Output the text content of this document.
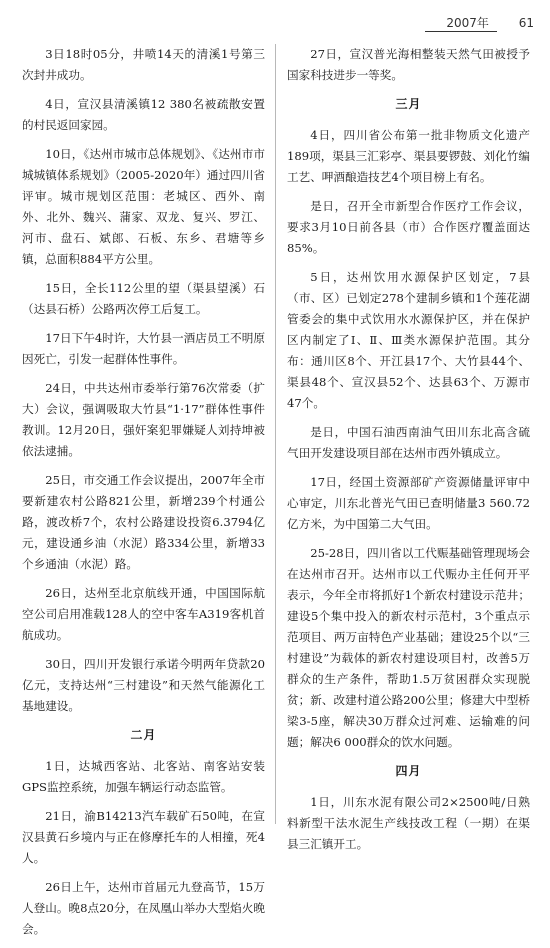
2007年 61

3日18时05分，井喷14天的清溪1号第三次封井成功。

4日，宣汉县清溪镇12 380名被疏散安置的村民返回家园。

10日，《达州市城市总体规划》、《达州市市城城镇体系规划》（2005-2020年）通过四川省评审。城市规划区范围：老城区、西外、南外、北外、魏兴、蒲家、双龙、复兴、罗江、河市、盘石、斌郎、石板、东乡、君塘等乡镇，总面积884平方公里。

15日，全长112公里的望（渠县望溪）石（达县石桥）公路两次停工后复工。

17日下午4时许，大竹县一酒店员工不明原因死亡，引发一起群体性事件。

24日，中共达州市委举行第76次常委（扩大）会议，强调吸取大竹县“1·17”群体性事件教训。12月20日，强奸案犯罪嫌疑人刘持坤被依法逮捕。

25日，市交通工作会议提出，2007年全市要新建农村公路821公里，新增239个村通公路，渡改桥7个，农村公路建设投资6.3794亿元，建设通乡油（水泥）路334公里，新增33个乡通油（水泥）路。

26日，达州至北京航线开通，中国国际航空公司启用准载128人的空中客车A319客机首航成功。

30日，四川开发银行承诺今明两年贷款20亿元，支持达州“三村建设”和天然气能源化工基地建设。

二月

1日，达城西客站、北客站、南客站安装GPS监控系统，加强车辆运行动态监管。

21日，渝B14213汽车载矿石50吨，在宣汉县黄石乡境内与正在修摩托车的人相撞，死4人。

26日上午，达州市首届元九登高节，15万人登山。晚8点20分，在凤凰山举办大型焰火晚会。

27日，宣汉普光海相整装天然气田被授予国家科技进步一等奖。

三月

4日，四川省公布第一批非物质文化遗产189项，渠县三汇彩亭、渠县要锣鼓、刘化竹编工艺、呷酒酿造技艺4个项目榜上有名。

是日，召开全市新型合作医疗工作会议，要求3月10日前各县（市）合作医疗覆盖面达85%。

5日，达州饮用水源保护区划定，7县（市、区）已划定278个建制乡镇和1个莲花湖管委会的集中式饮用水水源保护区，并在保护区内制定了Ⅰ、Ⅱ、Ⅲ类水源保护范围。其分布：通川区8个、开江县17个、大竹县44个、渠县48个、宣汉县52个、达县63个、万源市47个。

是日，中国石油西南油气田川东北高含硫气田开发建设项目部在达州市西外镇成立。

17日，经国土资源部矿产资源储量评审中心审定，川东北普光气田已查明储量3 560.72亿方米，为中国第二大气田。

25-28日，四川省以工代赈基础管理现场会在达州市召开。达州市以工代赈办主任何开平表示，今年全市将抓好1个新农村建设示范井；建设5个集中投入的新农村示范村，3个重点示范项目、两万亩特色产业基础；建设25个以“三村建设”为载体的新农村建设项目村，改善5万群众的生产条件，帮助1.5万贫困群众实现脱贫；新、改建村道公路200公里；修建大中型桥梁3-5座，解决30万群众过河难、运输难的问题；解决6 000群众的饮水问题。

四月

1日，川东水泥有限公司2×2500吨/日熟料新型干法水泥生产线技改工程（一期）在渠县三汇镇开工。
